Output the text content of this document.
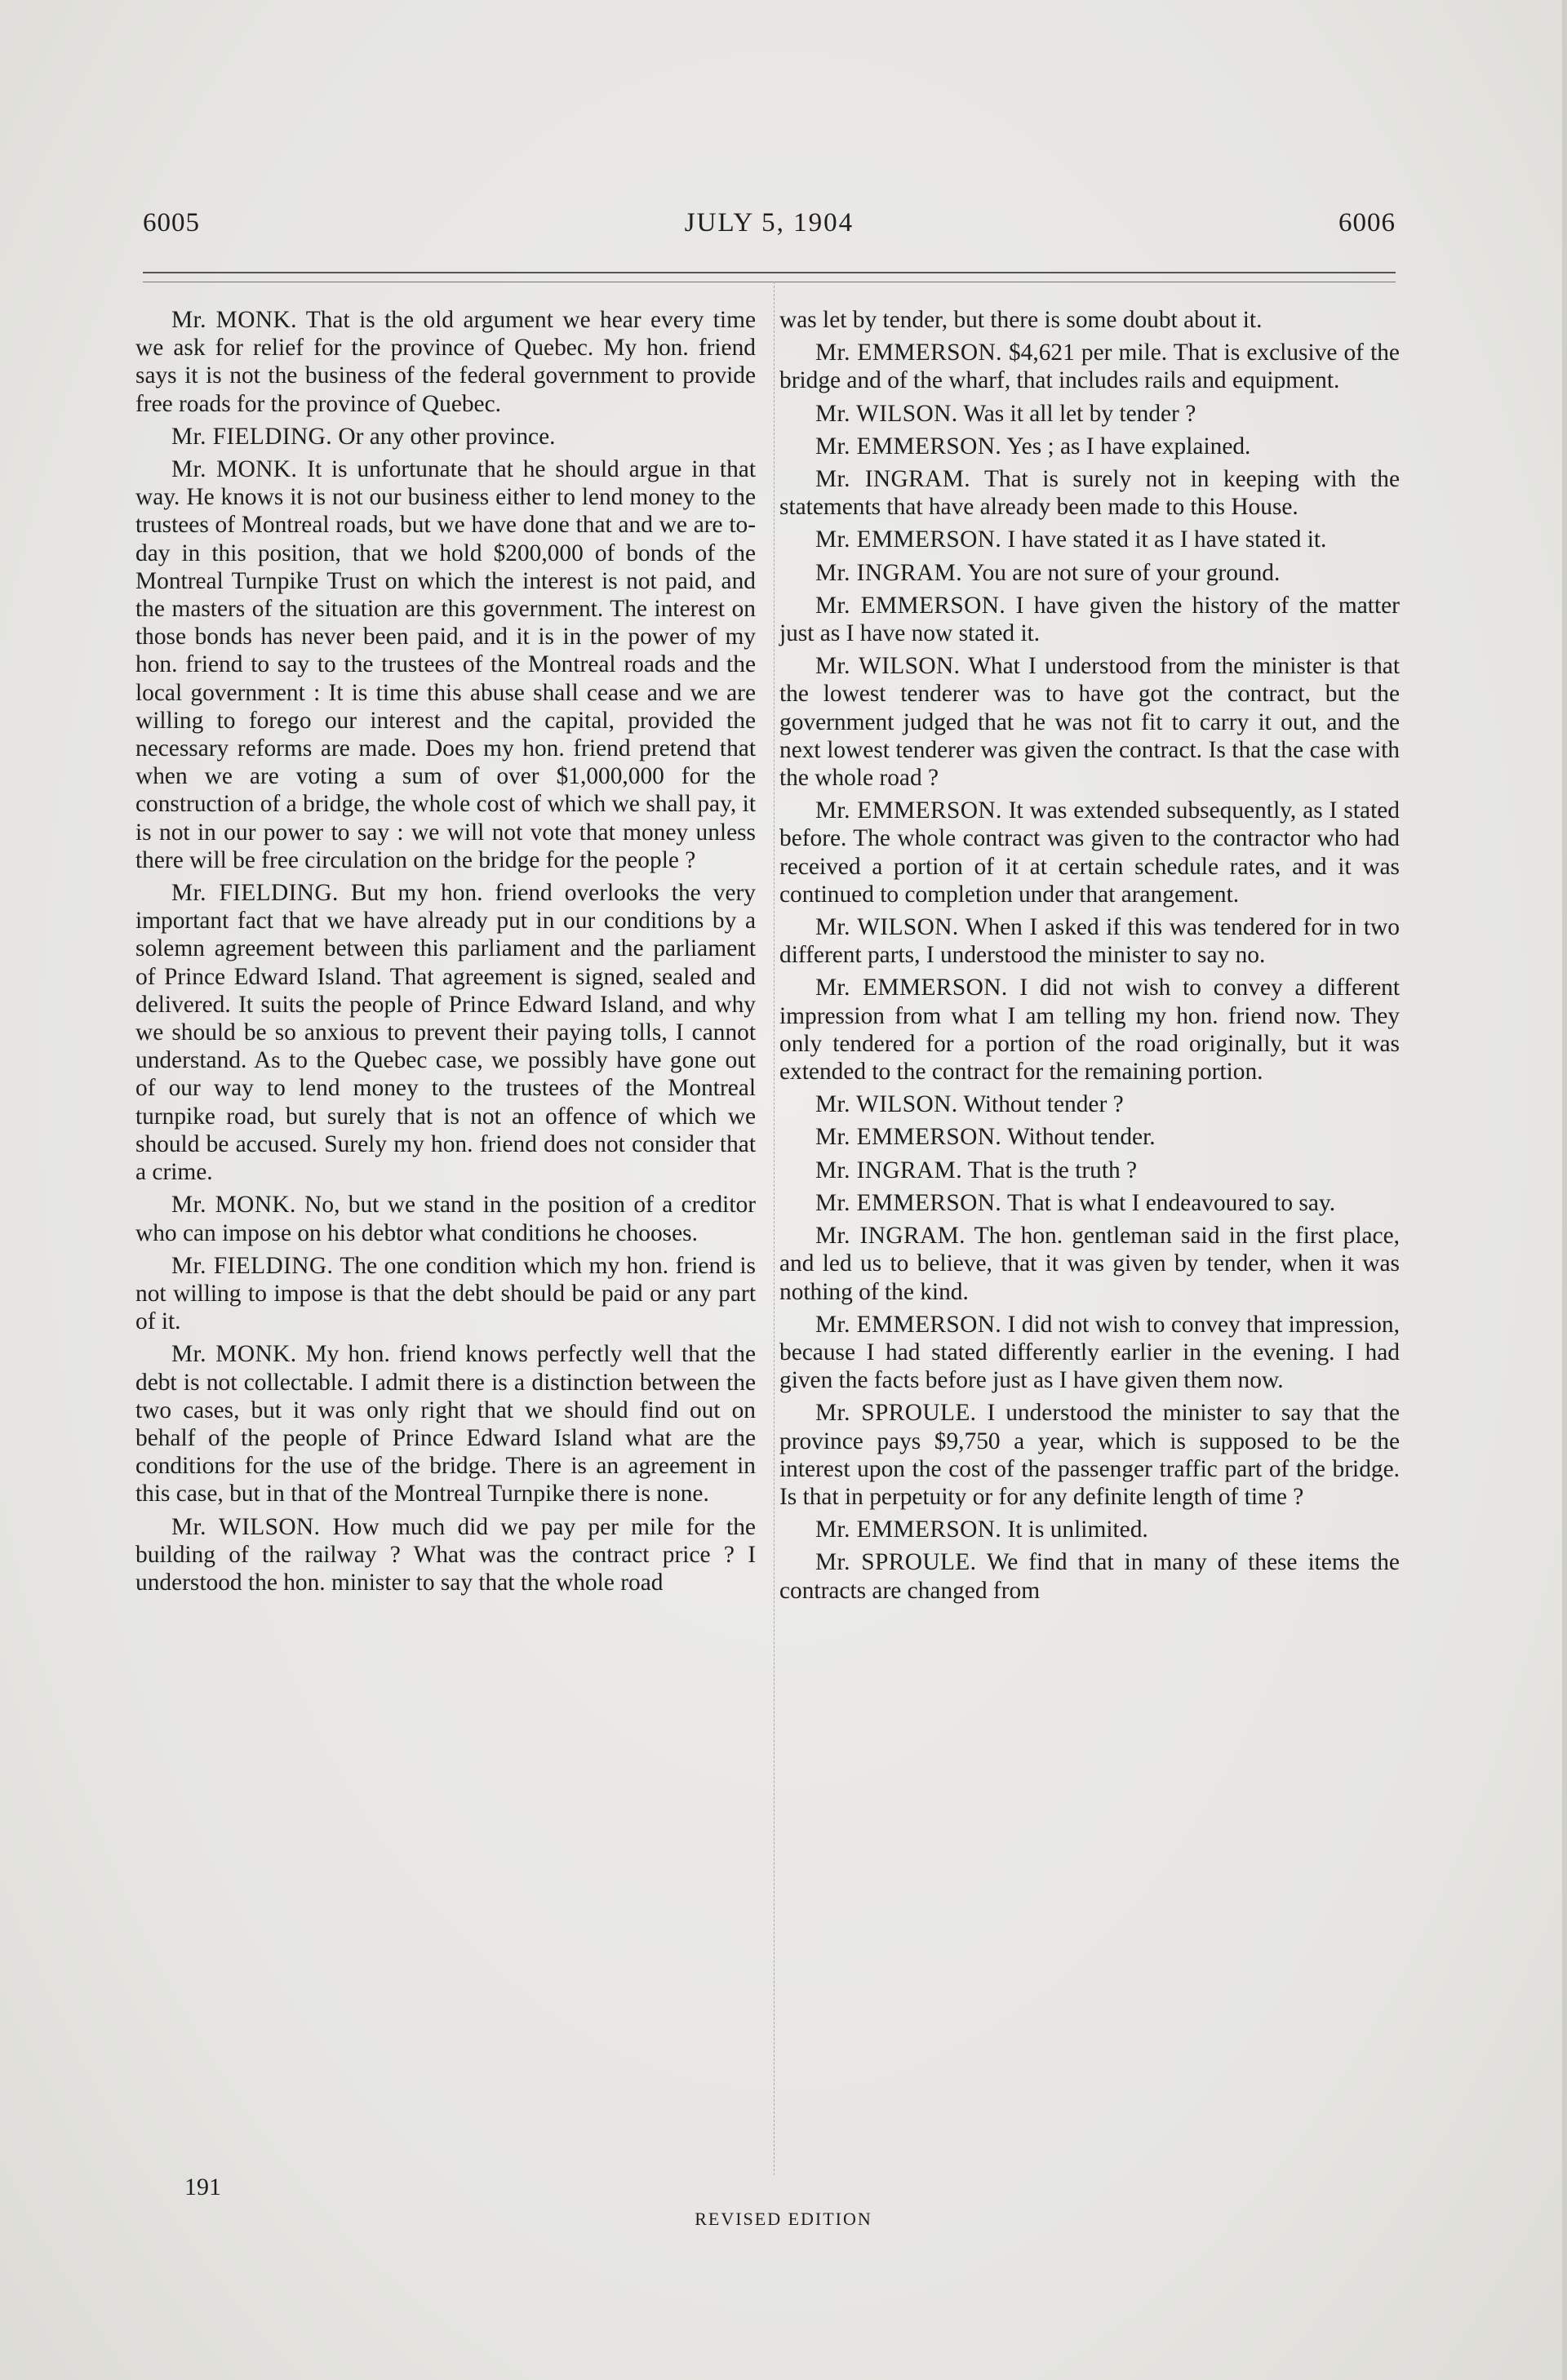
6005	JULY 5, 1904	6006

Mr. MONK. That is the old argument we hear every time we ask for relief for the province of Quebec. My hon. friend says it is not the business of the federal government to provide free roads for the province of Quebec.

Mr. FIELDING. Or any other province.

Mr. MONK. It is unfortunate that he should argue in that way. He knows it is not our business either to lend money to the trustees of Montreal roads, but we have done that and we are to-day in this position, that we hold $200,000 of bonds of the Montreal Turnpike Trust on which the interest is not paid, and the masters of the situation are this government. The interest on those bonds has never been paid, and it is in the power of my hon. friend to say to the trustees of the Montreal roads and the local government : It is time this abuse shall cease and we are willing to forego our interest and the capital, provided the necessary reforms are made. Does my hon. friend pretend that when we are voting a sum of over $1,000,000 for the construction of a bridge, the whole cost of which we shall pay, it is not in our power to say : we will not vote that money unless there will be free circulation on the bridge for the people ?

Mr. FIELDING. But my hon. friend overlooks the very important fact that we have already put in our conditions by a solemn agreement between this parliament and the parliament of Prince Edward Island. That agreement is signed, sealed and delivered. It suits the people of Prince Edward Island, and why we should be so anxious to prevent their paying tolls, I cannot understand. As to the Quebec case, we possibly have gone out of our way to lend money to the trustees of the Montreal turnpike road, but surely that is not an offence of which we should be accused. Surely my hon. friend does not consider that a crime.

Mr. MONK. No, but we stand in the position of a creditor who can impose on his debtor what conditions he chooses.

Mr. FIELDING. The one condition which my hon. friend is not willing to impose is that the debt should be paid or any part of it.

Mr. MONK. My hon. friend knows perfectly well that the debt is not collectable. I admit there is a distinction between the two cases, but it was only right that we should find out on behalf of the people of Prince Edward Island what are the conditions for the use of the bridge. There is an agreement in this case, but in that of the Montreal Turnpike there is none.

Mr. WILSON. How much did we pay per mile for the building of the railway ? What was the contract price ? I understood the hon. minister to say that the whole road

was let by tender, but there is some doubt about it.

Mr. EMMERSON. $4,621 per mile. That is exclusive of the bridge and of the wharf, that includes rails and equipment.

Mr. WILSON. Was it all let by tender ?

Mr. EMMERSON. Yes ; as I have explained.

Mr. INGRAM. That is surely not in keeping with the statements that have already been made to this House.

Mr. EMMERSON. I have stated it as I have stated it.

Mr. INGRAM. You are not sure of your ground.

Mr. EMMERSON. I have given the history of the matter just as I have now stated it.

Mr. WILSON. What I understood from the minister is that the lowest tenderer was to have got the contract, but the government judged that he was not fit to carry it out, and the next lowest tenderer was given the contract. Is that the case with the whole road ?

Mr. EMMERSON. It was extended subsequently, as I stated before. The whole contract was given to the contractor who had received a portion of it at certain schedule rates, and it was continued to completion under that arangement.

Mr. WILSON. When I asked if this was tendered for in two different parts, I understood the minister to say no.

Mr. EMMERSON. I did not wish to convey a different impression from what I am telling my hon. friend now. They only tendered for a portion of the road originally, but it was extended to the contract for the remaining portion.

Mr. WILSON. Without tender ?

Mr. EMMERSON. Without tender.

Mr. INGRAM. That is the truth ?

Mr. EMMERSON. That is what I endeavoured to say.

Mr. INGRAM. The hon. gentleman said in the first place, and led us to believe, that it was given by tender, when it was nothing of the kind.

Mr. EMMERSON. I did not wish to convey that impression, because I had stated differently earlier in the evening. I had given the facts before just as I have given them now.

Mr. SPROULE. I understood the minister to say that the province pays $9,750 a year, which is supposed to be the interest upon the cost of the passenger traffic part of the bridge. Is that in perpetuity or for any definite length of time ?

Mr. EMMERSON. It is unlimited.

Mr. SPROULE. We find that in many of these items the contracts are changed from

191
REVISED EDITION
